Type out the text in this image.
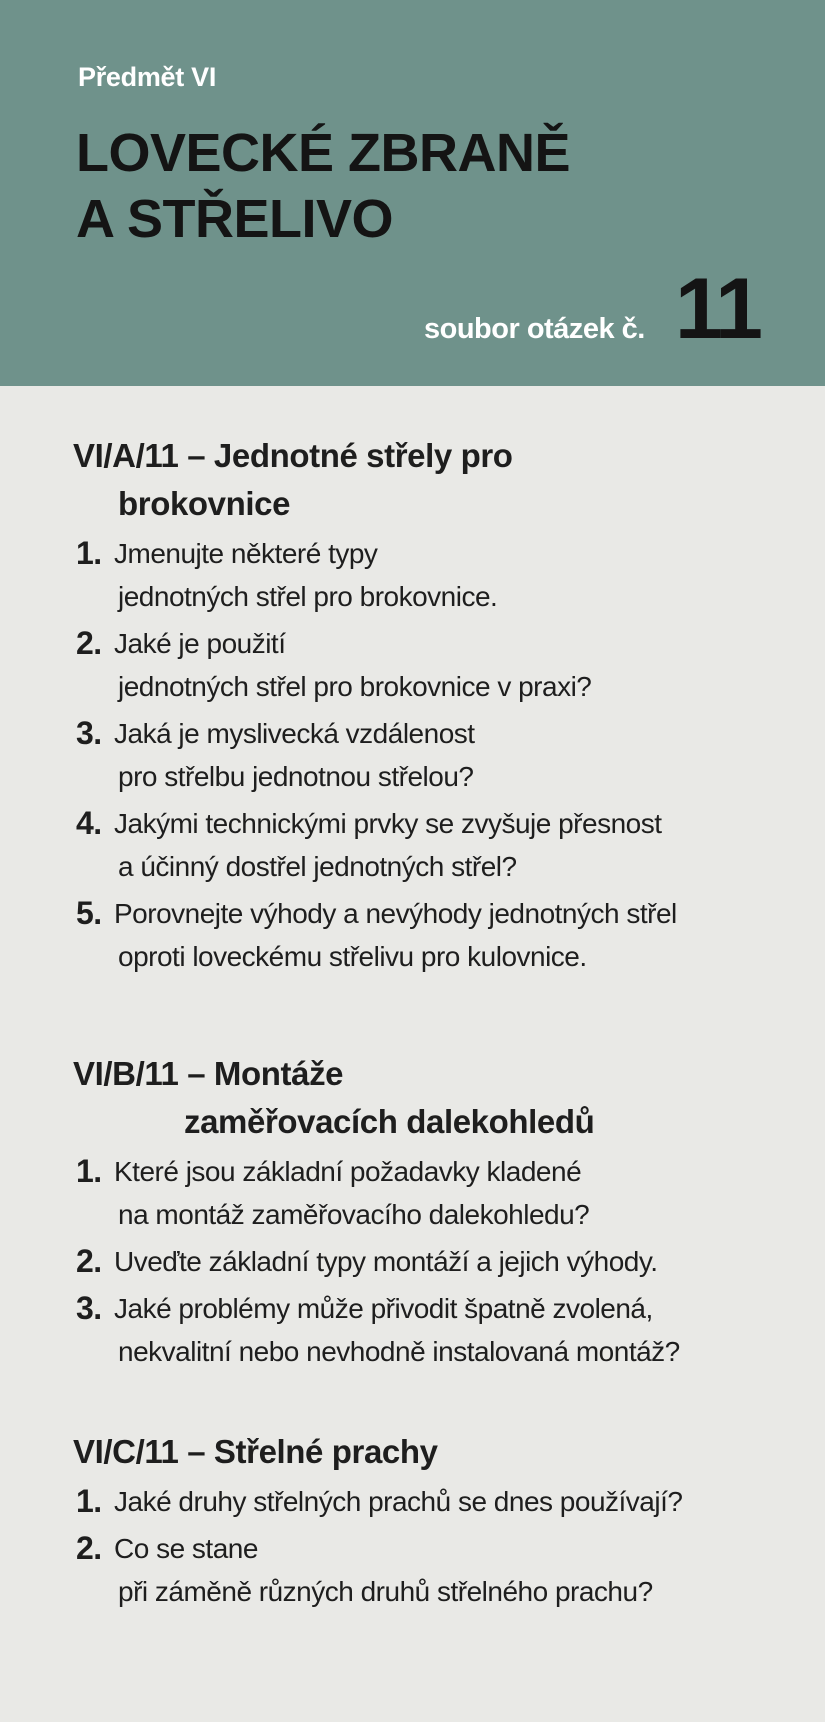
Předmět VI
LOVECKÉ ZBRANĚ
A STŘELIVO
soubor otázek č. 11
VI/A/11 – Jednotné střely pro
brokovnice
1. Jmenujte některé typy
jednotných střel pro brokovnice.
2. Jaké je použití
jednotných střel pro brokovnice v praxi?
3. Jaká je myslivecká vzdálenost
pro střelbu jednotnou střelou?
4. Jakými technickými prvky se zvyšuje přesnost
a účinný dostřel jednotných střel?
5. Porovnejte výhody a nevýhody jednotných střel
oproti loveckému střelivu pro kulovnice.
VI/B/11 – Montáže
zaměřovacích dalekohledů
1. Které jsou základní požadavky kladené
na montáž zaměřovacího dalekohledu?
2. Uveďte základní typy montáží a jejich výhody.
3. Jaké problémy může přivodit špatně zvolená,
nekvalitní nebo nevhodně instalovaná montáž?
VI/C/11 – Střelné prachy
1. Jaké druhy střelných prachů se dnes používají?
2. Co se stane
při záměně různých druhů střelného prachu?
